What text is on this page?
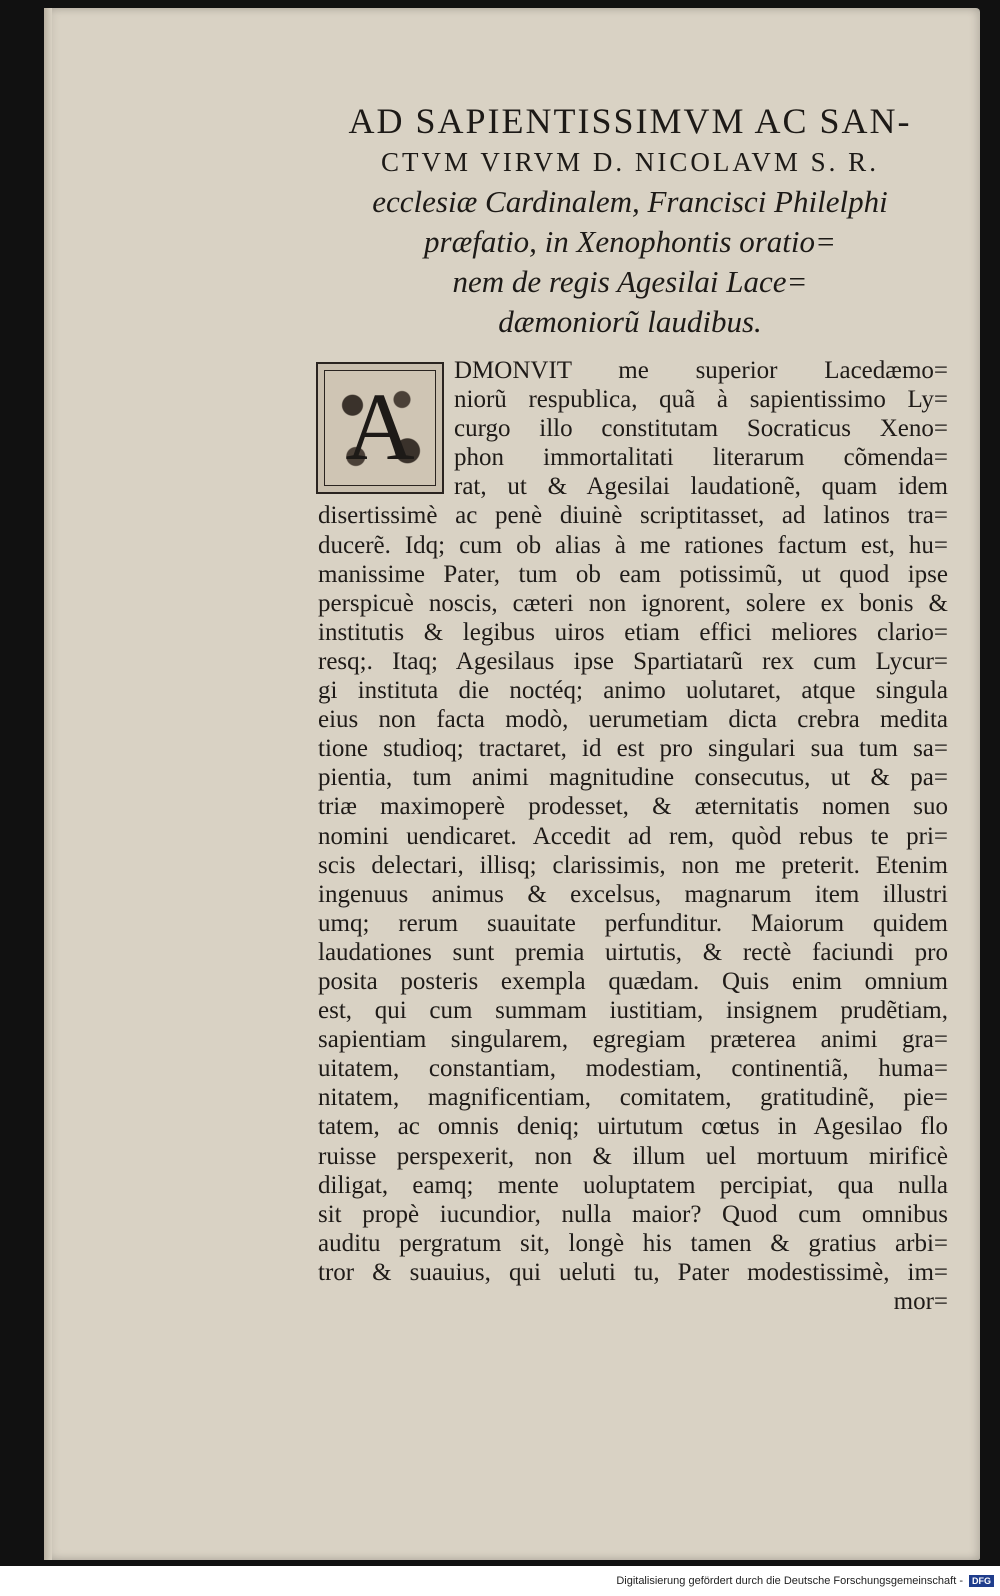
AD SAPIENTISSIMVM AC SAN-
CTVM VIRVM D. NICOLAVM S. R.
ecclesiæ Cardinalem, Francisci Philelphi
præfatio, in Xenophontis oratio=
nem de regis Agesilai Lace=
dæmoniorũ laudibus.
A
DMONVIT me superior Lacedæmo=
niorũ respublica, quã à sapientissimo Ly=
curgo illo constitutam Socraticus Xeno=
phon immortalitati literarum cõmenda=
rat, ut & Agesilai laudationẽ, quam idem
disertissimè ac penè diuinè scriptitasset, ad latinos tra=
ducerẽ. Idq; cum ob alias à me rationes factum est, hu=
manissime Pater, tum ob eam potissimũ, ut quod ipse
perspicuè noscis, cæteri non ignorent, solere ex bonis &
institutis & legibus uiros etiam effici meliores clario=
resq;. Itaq; Agesilaus ipse Spartiatarũ rex cum Lycur=
gi instituta die noctéq; animo uolutaret, atque singula
eius non facta modò, uerumetiam dicta crebra medita
tione studioq; tractaret, id est pro singulari sua tum sa=
pientia, tum animi magnitudine consecutus, ut & pa=
triæ maximoperè prodesset, & æternitatis nomen suo
nomini uendicaret. Accedit ad rem, quòd rebus te pri=
scis delectari, illisq; clarissimis, non me preterit. Etenim
ingenuus animus & excelsus, magnarum item illustri
umq; rerum suauitate perfunditur. Maiorum quidem
laudationes sunt premia uirtutis, & rectè faciundi pro
posita posteris exempla quædam. Quis enim omnium
est, qui cum summam iustitiam, insignem prudẽtiam,
sapientiam singularem, egregiam præterea animi gra=
uitatem, constantiam, modestiam, continentiã, huma=
nitatem, magnificentiam, comitatem, gratitudinẽ, pie=
tatem, ac omnis deniq; uirtutum cœtus in Agesilao flo
ruisse perspexerit, non & illum uel mortuum mirificè
diligat, eamq; mente uoluptatem percipiat, qua nulla
sit propè iucundior, nulla maior? Quod cum omnibus
auditu pergratum sit, longè his tamen & gratius arbi=
tror & suauius, qui ueluti tu, Pater modestissimè, im=
mor=
Digitalisierung gefördert durch die Deutsche Forschungsgemeinschaft -	DFG
